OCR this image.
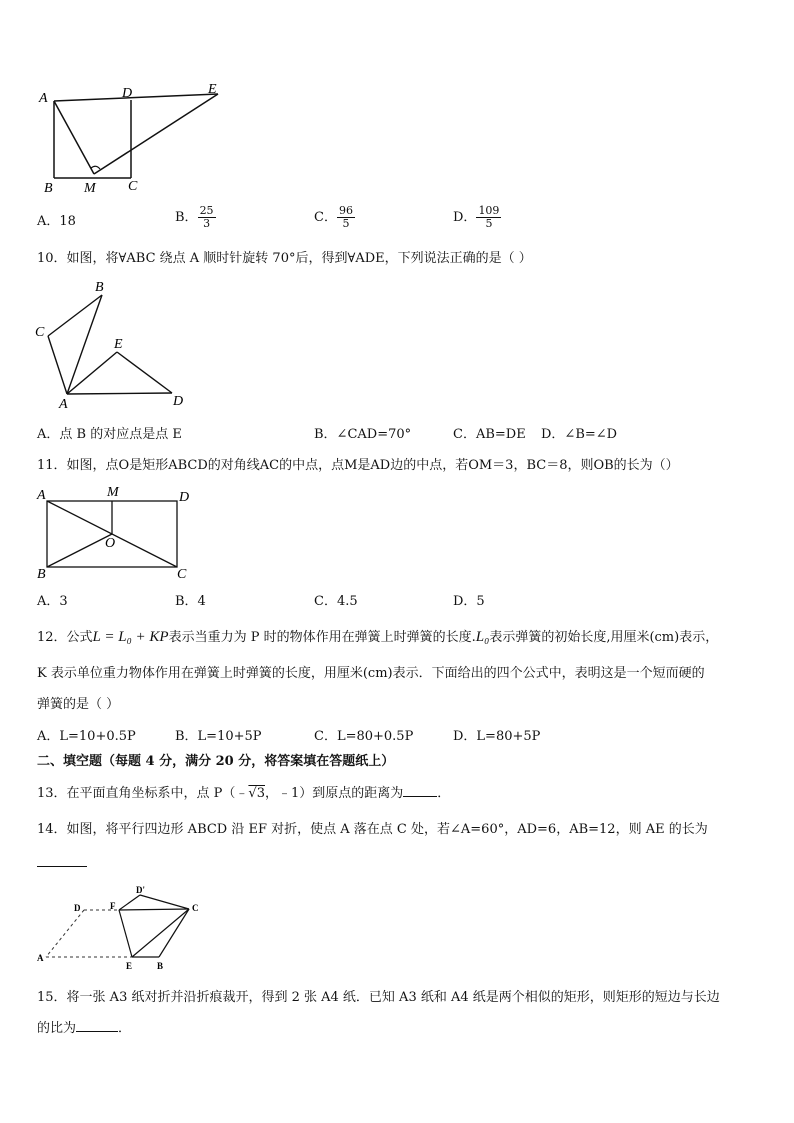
A	D	E
B M C
A．18	B． $\frac{25}{3}$	C． $\frac{96}{5}$	D． $\frac{109}{5}$
10．如图，将∀ABC 绕点 A 顺时针旋转 70°后，得到∀ADE，下列说法正确的是（ ）
B
C
E
A	D
A．点 B 的对应点是点 E	B．∠CAD=70°	C．AB=DE D．∠B=∠D
11．如图，点O是矩形ABCD的对角线AC的中点，点M是AD边的中点，若OM＝3，BC＝8，则OB的长为（）
A	M	D
O
B	C
A．3	B．4	C．4.5	D．5
12．公式L = L₀ + KP表示当重力为 P 时的物体作用在弹簧上时弹簧的长度.L₀表示弹簧的初始长度,用厘米(cm)表示，
K 表示单位重力物体作用在弹簧上时弹簧的长度，用厘米(cm)表示．下面给出的四个公式中，表明这是一个短而硬的
弹簧的是（ ）
A．L=10+0.5P	B．L=10+5P	C．L=80+0.5P	D．L=80+5P
二、填空题（每题 4 分，满分 20 分，将答案填在答题纸上）
13．在平面直角坐标系中，点 P（﹣√3，﹣1）到原点的距离为	．
14．如图，将平行四边形 ABCD 沿 EF 对折，使点 A 落在点 C 处，若∠A=60°，AD=6，AB=12，则 AE 的长为
D	F
D'
C
A
E	B
15．将一张 A3 纸对折并沿折痕裁开，得到 2 张 A4 纸．已知 A3 纸和 A4 纸是两个相似的矩形，则矩形的短边与长边
的比为	．
